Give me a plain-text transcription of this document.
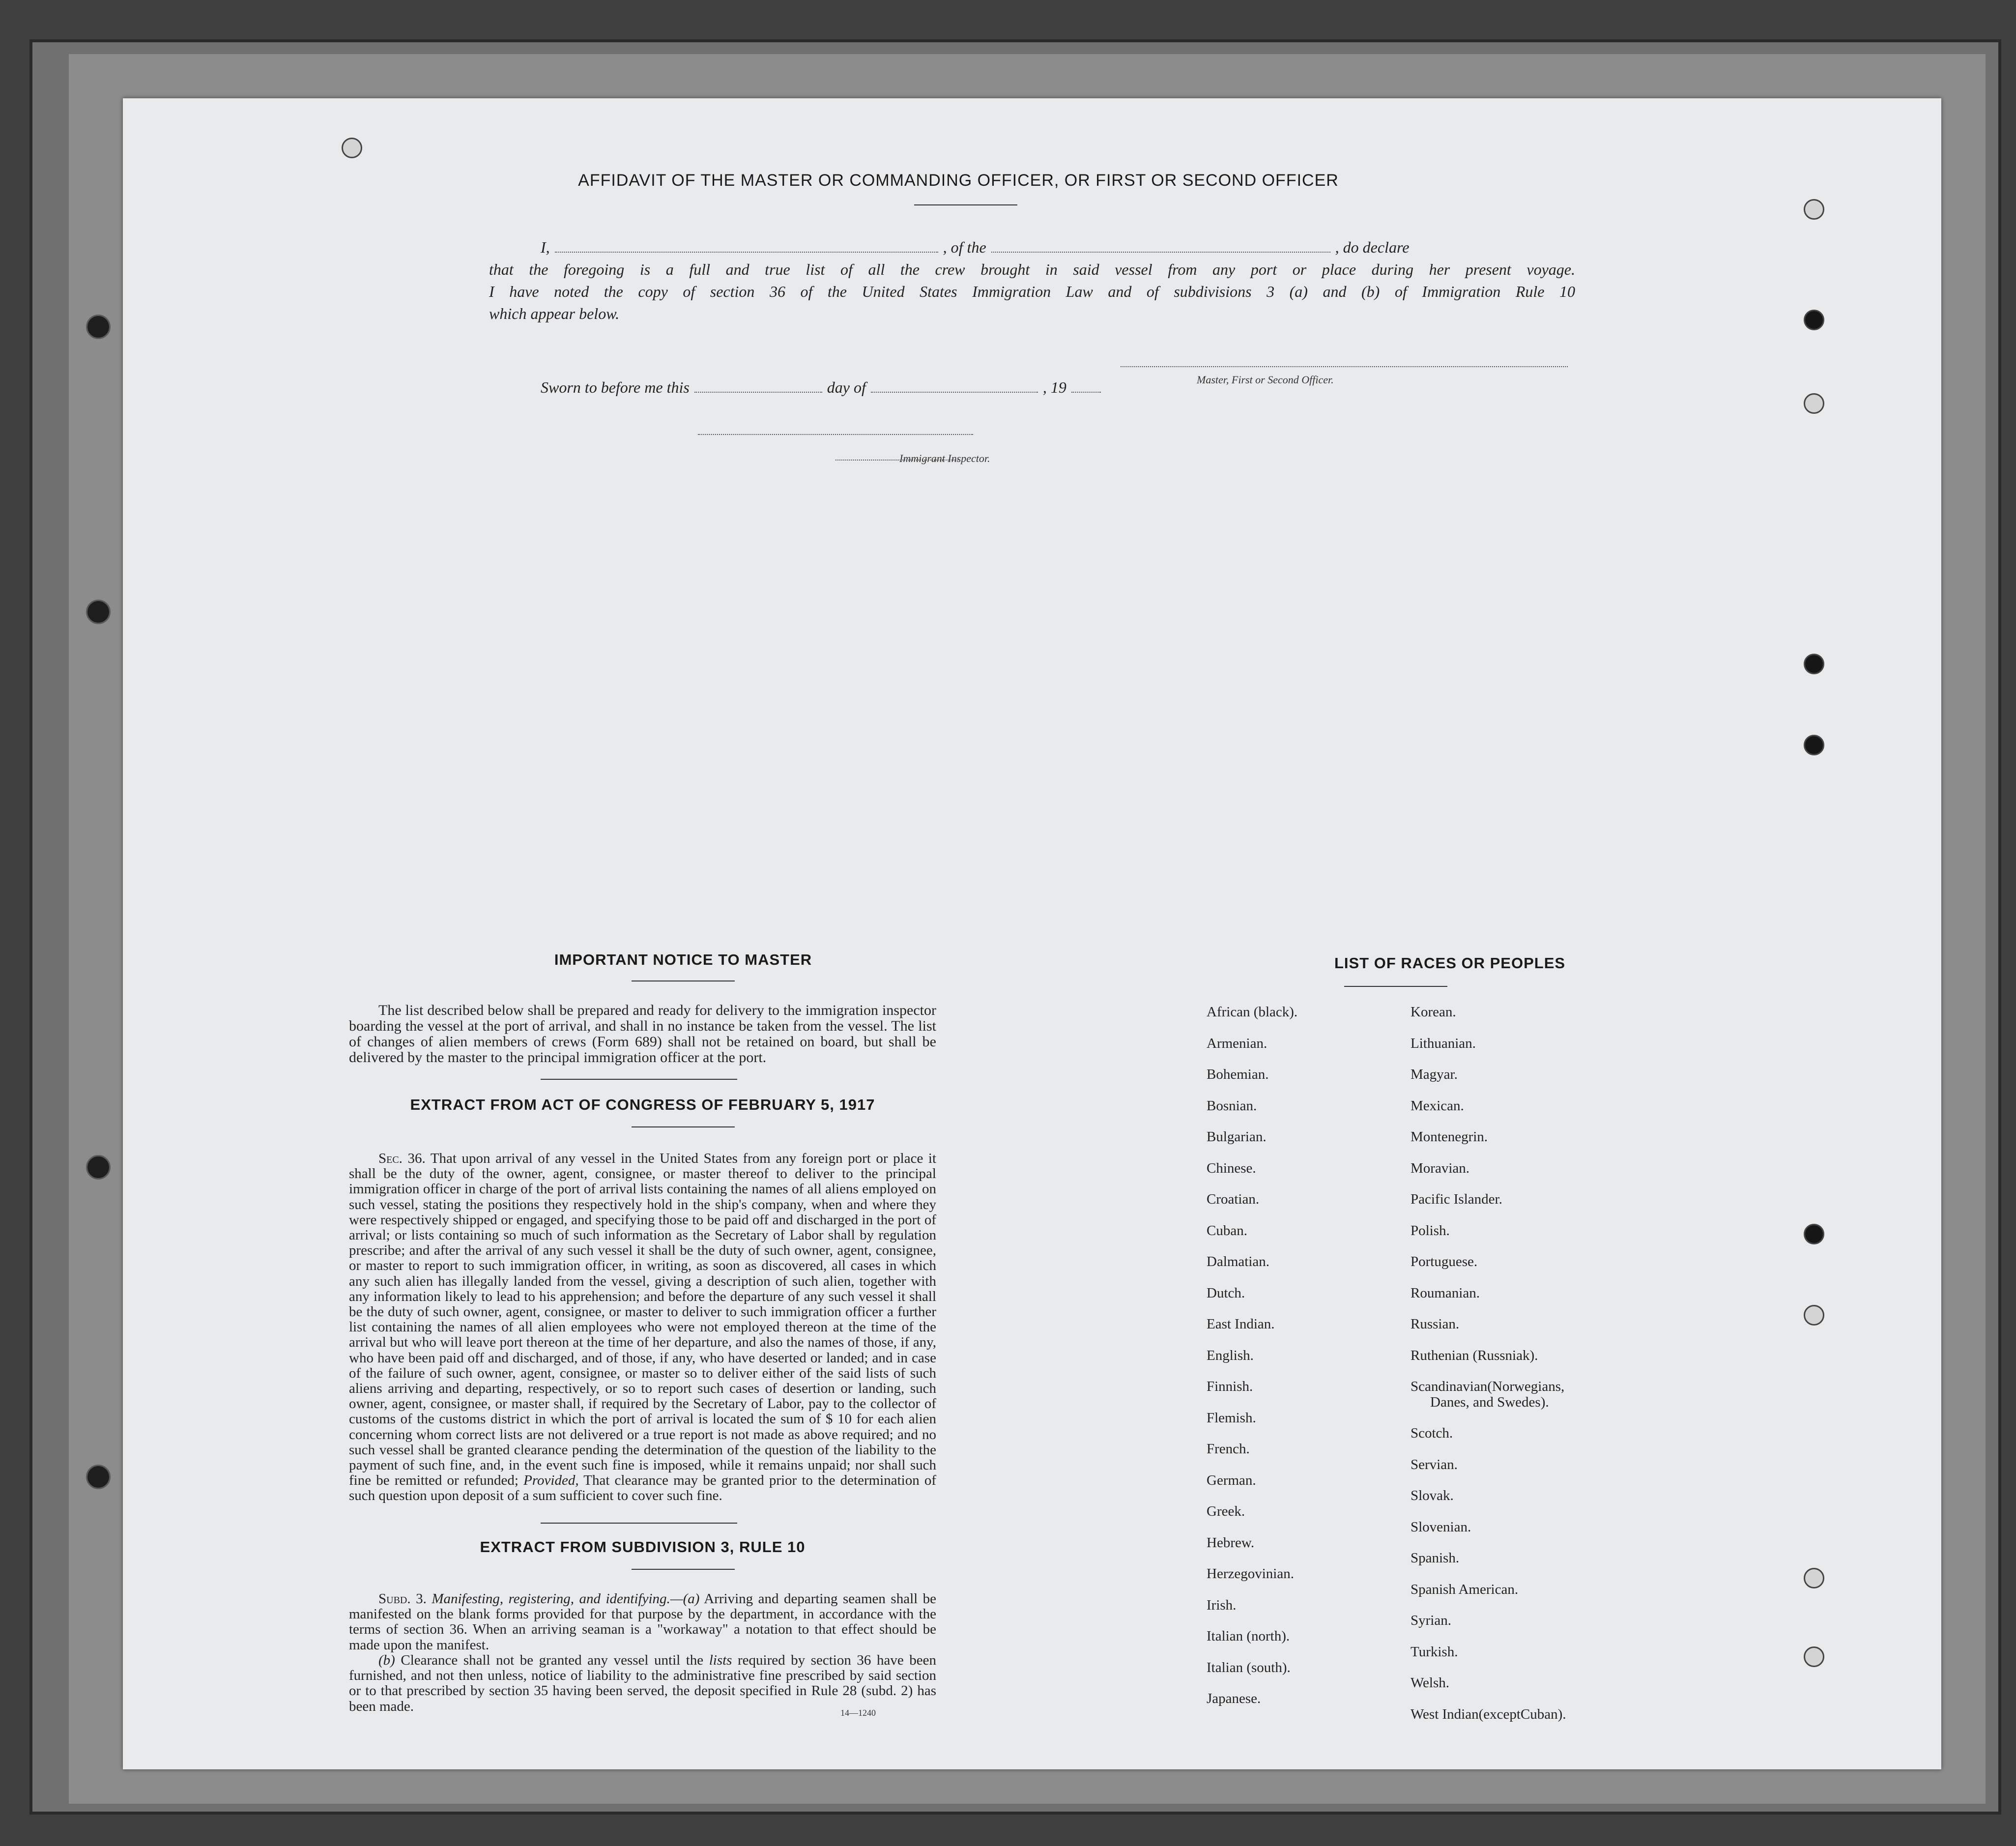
AFFIDAVIT OF THE MASTER OR COMMANDING OFFICER, OR FIRST OR SECOND OFFICER
I,	, of the	, do declare
that the foregoing is a full and true list of all the crew brought in said vessel from any port or place during her present voyage.
I have noted the copy of section 36 of the United States Immigration Law and of subdivisions 3 (a) and (b) of Immigration Rule 10
which appear below.
Master, First or Second Officer.
Sworn to before me this	day of	, 19
Immigrant Inspector.
IMPORTANT NOTICE TO MASTER
The list described below shall be prepared and ready for delivery to the immigration inspector boarding the vessel at the port of arrival, and shall in no instance be taken from the vessel. The list of changes of alien members of crews (Form 689) shall not be retained on board, but shall be delivered by the master to the principal immigration officer at the port.
EXTRACT FROM ACT OF CONGRESS OF FEBRUARY 5, 1917
Sec. 36. That upon arrival of any vessel in the United States from any foreign port or place it shall be the duty of the owner, agent, consignee, or master thereof to deliver to the principal immigration officer in charge of the port of arrival lists containing the names of all aliens employed on such vessel, stating the positions they respectively hold in the ship's company, when and where they were respectively shipped or engaged, and specifying those to be paid off and discharged in the port of arrival; or lists containing so much of such information as the Secretary of Labor shall by regulation prescribe; and after the arrival of any such vessel it shall be the duty of such owner, agent, consignee, or master to report to such immigration officer, in writing, as soon as discovered, all cases in which any such alien has illegally landed from the vessel, giving a description of such alien, together with any information likely to lead to his apprehension; and before the departure of any such vessel it shall be the duty of such owner, agent, consignee, or master to deliver to such immigration officer a further list containing the names of all alien employees who were not employed thereon at the time of the arrival but who will leave port thereon at the time of her departure, and also the names of those, if any, who have been paid off and discharged, and of those, if any, who have deserted or landed; and in case of the failure of such owner, agent, consignee, or master so to deliver either of the said lists of such aliens arriving and departing, respectively, or so to report such cases of desertion or landing, such owner, agent, consignee, or master shall, if required by the Secretary of Labor, pay to the collector of customs of the customs district in which the port of arrival is located the sum of $ 10 for each alien concerning whom correct lists are not delivered or a true report is not made as above required; and no such vessel shall be granted clearance pending the determination of the question of the liability to the payment of such fine, and, in the event such fine is imposed, while it remains unpaid; nor shall such fine be remitted or refunded; Provided, That clearance may be granted prior to the determination of such question upon deposit of a sum sufficient to cover such fine.
EXTRACT FROM SUBDIVISION 3, RULE 10
Subd. 3. Manifesting, registering, and identifying.—(a) Arriving and departing seamen shall be manifested on the blank forms provided for that purpose by the department, in accordance with the terms of section 36. When an arriving seaman is a "workaway" a notation to that effect should be made upon the manifest.
(b) Clearance shall not be granted any vessel until the lists required by section 36 have been furnished, and not then unless, notice of liability to the administrative fine prescribed by said section or to that prescribed by section 35 having been served, the deposit specified in Rule 28 (subd. 2) has been made.	14—1240
LIST OF RACES OR PEOPLES
African (black).
Armenian.
Bohemian.
Bosnian.
Bulgarian.
Chinese.
Croatian.
Cuban.
Dalmatian.
Dutch.
East Indian.
English.
Finnish.
Flemish.
French.
German.
Greek.
Hebrew.
Herzegovinian.
Irish.
Italian (north).
Italian (south).
Japanese.
Korean.
Lithuanian.
Magyar.
Mexican.
Montenegrin.
Moravian.
Pacific Islander.
Polish.
Portuguese.
Roumanian.
Russian.
Ruthenian (Russniak).
Scandinavian(Norwegians,
Danes, and Swedes).
Scotch.
Servian.
Slovak.
Slovenian.
Spanish.
Spanish American.
Syrian.
Turkish.
Welsh.
West Indian(exceptCuban).
